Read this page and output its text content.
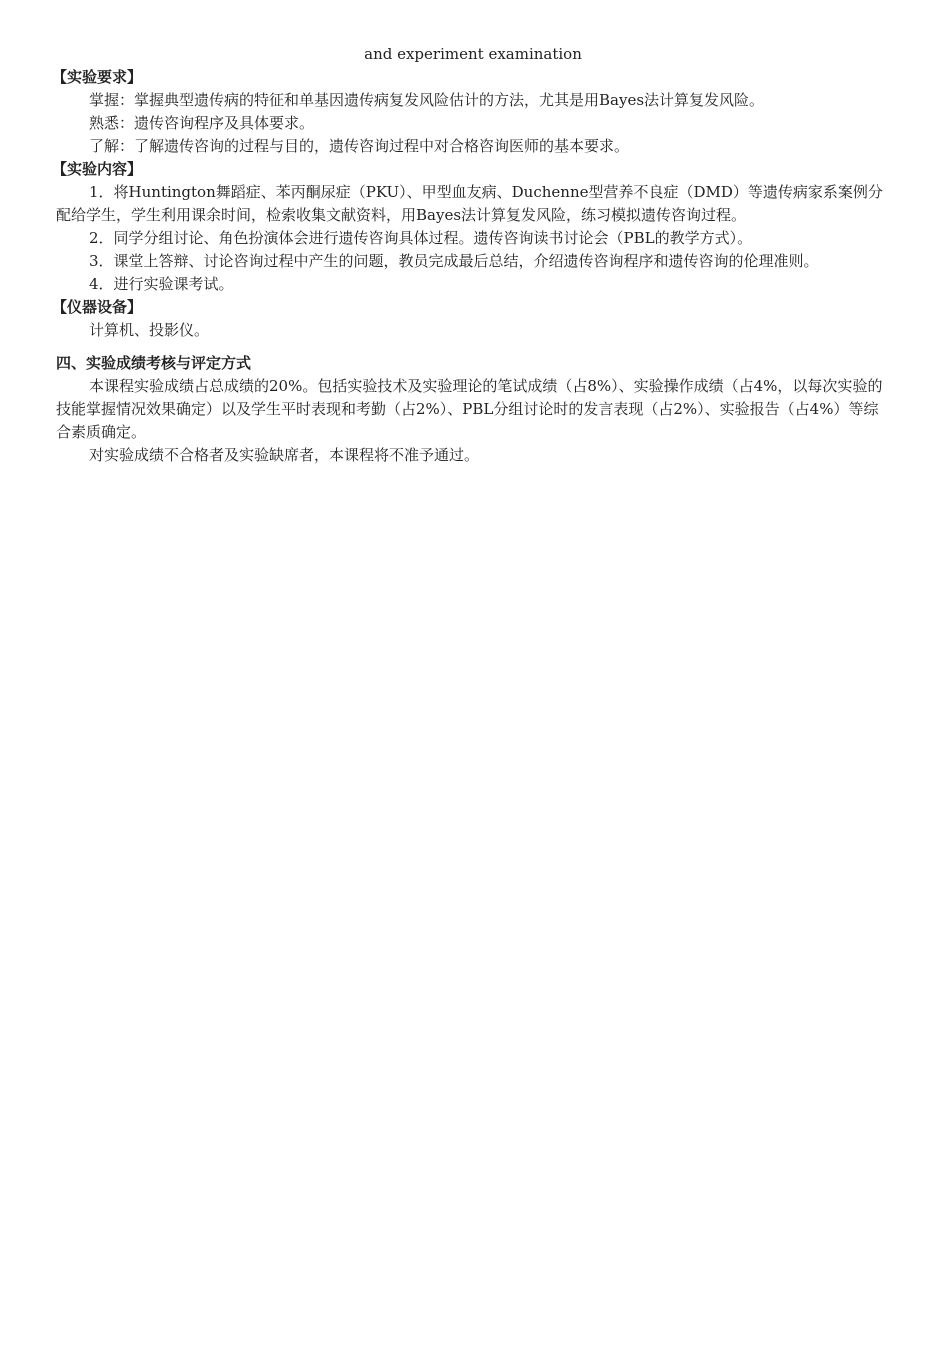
and experiment examination

【实验要求】

掌握：掌握典型遗传病的特征和单基因遗传病复发风险估计的方法，尤其是用Bayes法计算复发风险。

熟悉：遗传咨询程序及具体要求。

了解：了解遗传咨询的过程与目的，遗传咨询过程中对合格咨询医师的基本要求。

【实验内容】

1．将Huntington舞蹈症、苯丙酮尿症（PKU）、甲型血友病、Duchenne型营养不良症（DMD）等遗传病家系案例分配给学生，学生利用课余时间，检索收集文献资料，用Bayes法计算复发风险，练习模拟遗传咨询过程。

2．同学分组讨论、角色扮演体会进行遗传咨询具体过程。遗传咨询读书讨论会（PBL的教学方式）。

3．课堂上答辩、讨论咨询过程中产生的问题，教员完成最后总结，介绍遗传咨询程序和遗传咨询的伦理准则。

4．进行实验课考试。

【仪器设备】

计算机、投影仪。

四、实验成绩考核与评定方式

本课程实验成绩占总成绩的20%。包括实验技术及实验理论的笔试成绩（占8%）、实验操作成绩（占4%，以每次实验的技能掌握情况效果确定）以及学生平时表现和考勤（占2%）、PBL分组讨论时的发言表现（占2%）、实验报告（占4%）等综合素质确定。

对实验成绩不合格者及实验缺席者，本课程将不准予通过。
